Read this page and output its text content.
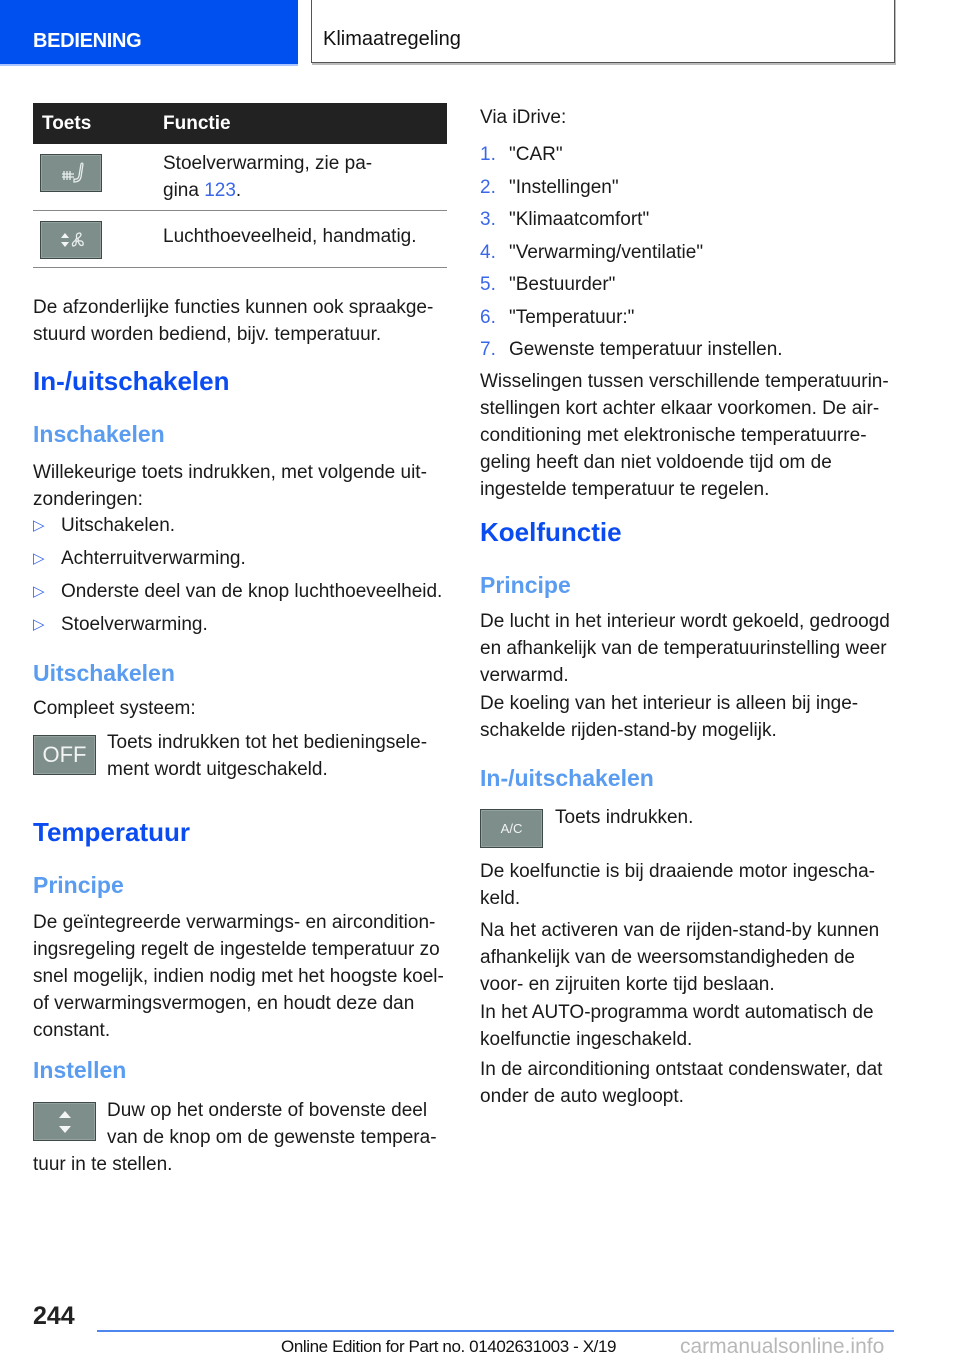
BEDIENING	Klimaatregeling
Toets	Functie
Stoelverwarming, zie pa-
gina 123.
Luchthoeveelheid, handmatig.
De afzonderlijke functies kunnen ook spraakge-
stuurd worden bediend, bijv. temperatuur.
In-/uitschakelen
Inschakelen
Willekeurige toets indrukken, met volgende uit-
zonderingen:
▷ Uitschakelen.
▷ Achterruitverwarming.
▷ Onderste deel van de knop luchthoeveelheid.
▷ Stoelverwarming.
Uitschakelen
Compleet systeem:
OFF	Toets indrukken tot het bedieningsele-
ment wordt uitgeschakeld.
Temperatuur
Principe
De geïntegreerde verwarmings- en aircondition-
ingsregeling regelt de ingestelde temperatuur zo
snel mogelijk, indien nodig met het hoogste koel-
of verwarmingsvermogen, en houdt deze dan
constant.
Instellen
Duw op het onderste of bovenste deel
van de knop om de gewenste tempera-
tuur in te stellen.
Via iDrive:
1. "CAR"
2. "Instellingen"
3. "Klimaatcomfort"
4. "Verwarming/ventilatie"
5. "Bestuurder"
6. "Temperatuur:"
7. Gewenste temperatuur instellen.
Wisselingen tussen verschillende temperatuurin-
stellingen kort achter elkaar voorkomen. De air-
conditioning met elektronische temperatuurre-
geling heeft dan niet voldoende tijd om de
ingestelde temperatuur te regelen.
Koelfunctie
Principe
De lucht in het interieur wordt gekoeld, gedroogd
en afhankelijk van de temperatuurinstelling weer
verwarmd.
De koeling van het interieur is alleen bij inge-
schakelde rijden-stand-by mogelijk.
In-/uitschakelen
A/C
Toets indrukken.
De koelfunctie is bij draaiende motor ingescha-
keld.
Na het activeren van de rijden-stand-by kunnen
afhankelijk van de weersomstandigheden de
voor- en zijruiten korte tijd beslaan.
In het AUTO-programma wordt automatisch de
koelfunctie ingeschakeld.
In de airconditioning ontstaat condenswater, dat
onder de auto wegloopt.
244
Online Edition for Part no. 01402631003 - X/19	carmanualsonline.info
